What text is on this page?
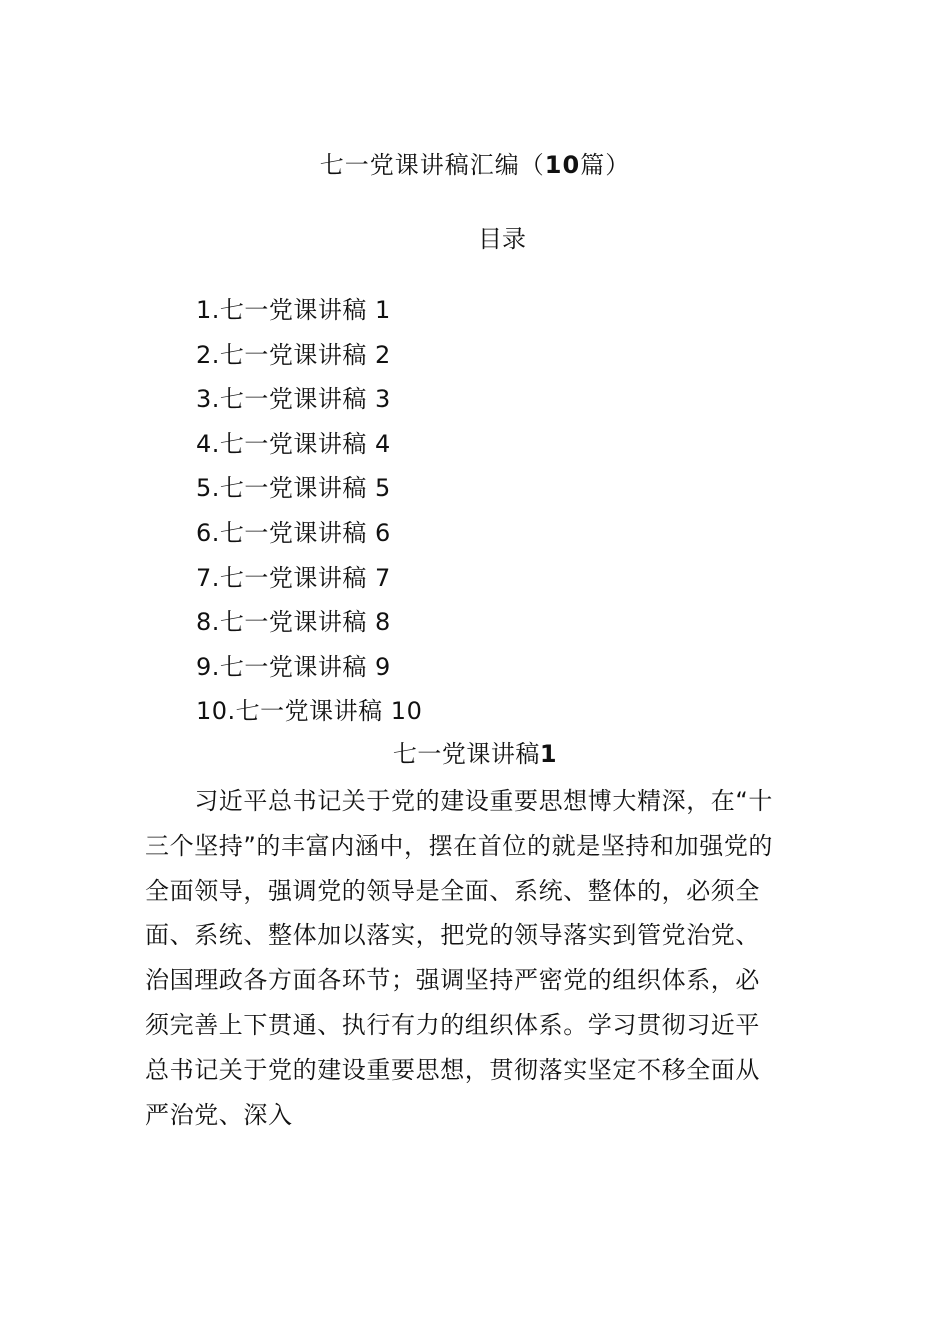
七一党课讲稿汇编（10篇）
目录
1.七一党课讲稿 1
2.七一党课讲稿 2
3.七一党课讲稿 3
4.七一党课讲稿 4
5.七一党课讲稿 5
6.七一党课讲稿 6
7.七一党课讲稿 7
8.七一党课讲稿 8
9.七一党课讲稿 9
10.七一党课讲稿 10
七一党课讲稿1
　　习近平总书记关于党的建设重要思想博大精深，在“十
三个坚持”的丰富内涵中，摆在首位的就是坚持和加强党的
全面领导，强调党的领导是全面、系统、整体的，必须全
面、系统、整体加以落实，把党的领导落实到管党治党、
治国理政各方面各环节；强调坚持严密党的组织体系，必
须完善上下贯通、执行有力的组织体系。学习贯彻习近平
总书记关于党的建设重要思想，贯彻落实坚定不移全面从
严治党、深入
